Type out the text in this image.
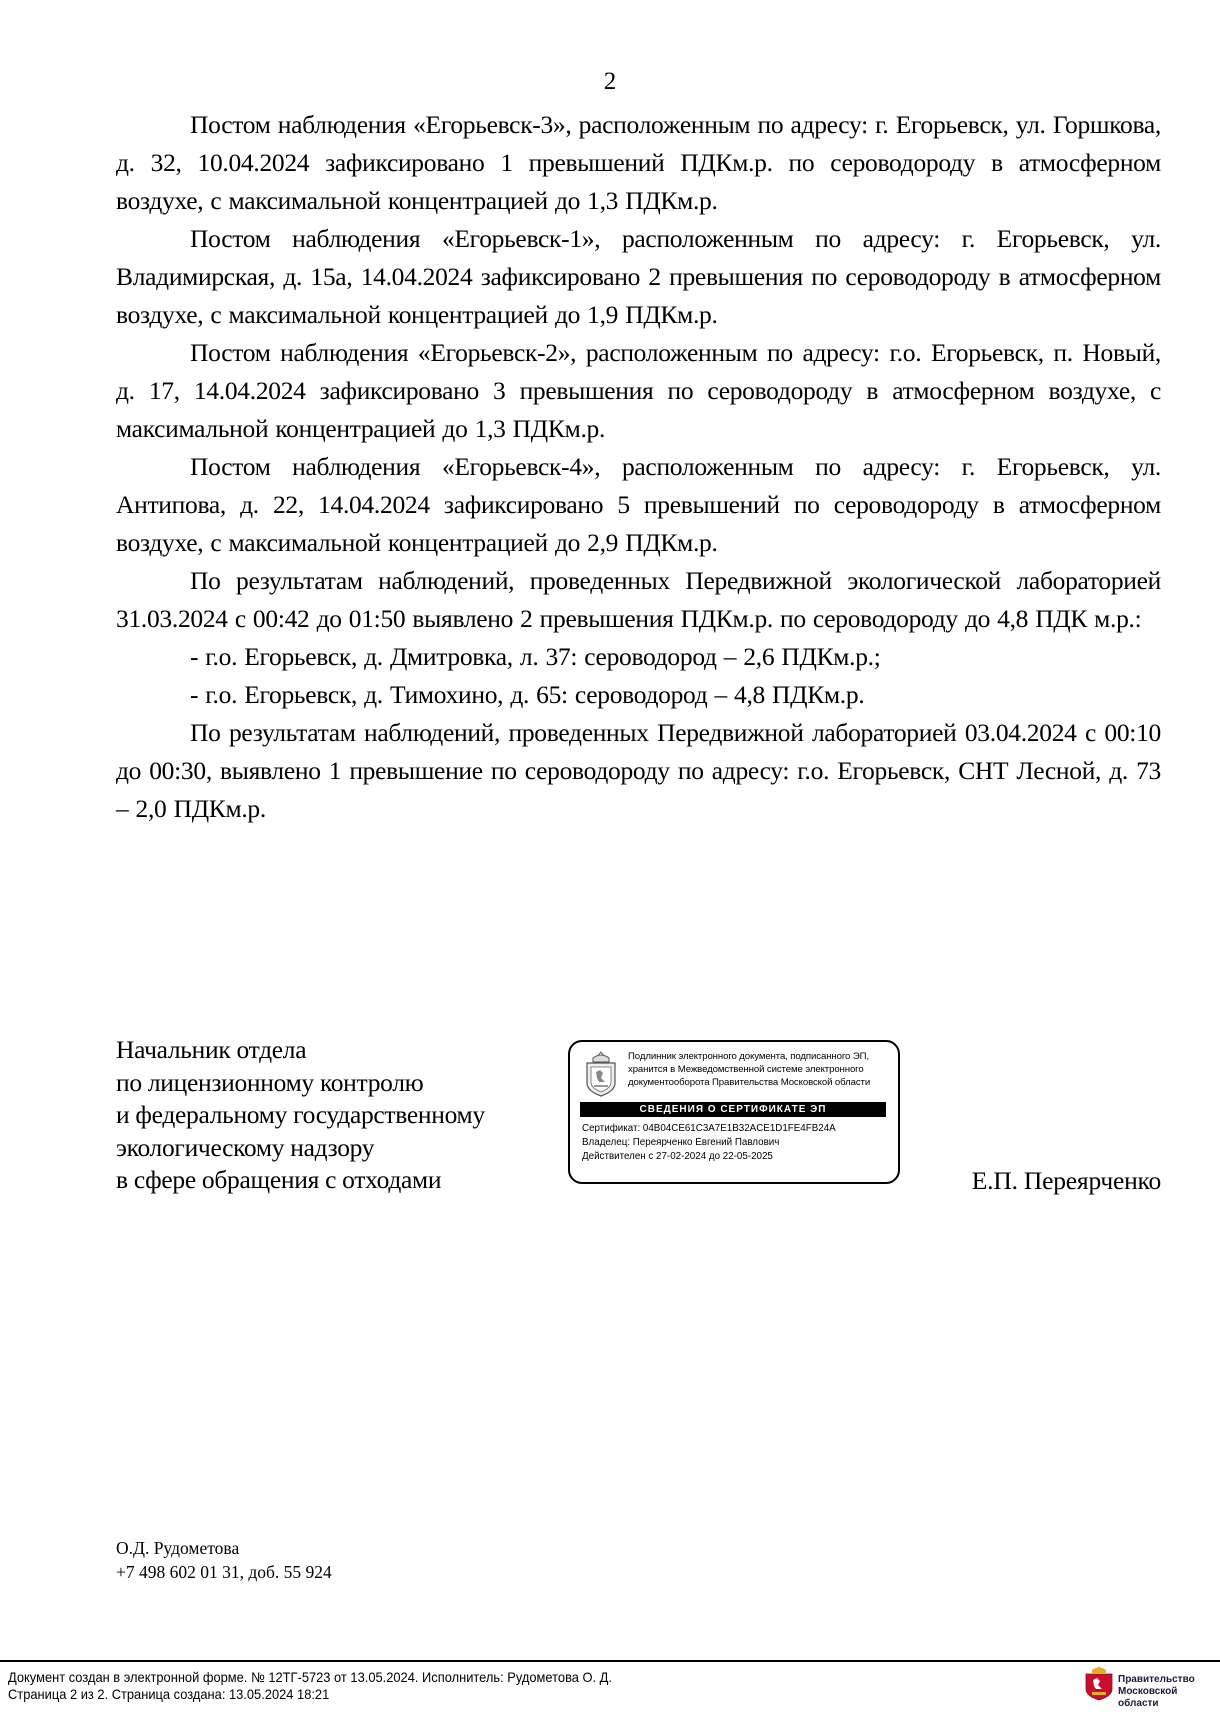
2

Постом наблюдения «Егорьевск-3», расположенным по адресу: г. Егорьевск, ул. Горшкова, д. 32, 10.04.2024 зафиксировано 1 превышений ПДКм.р. по сероводороду в атмосферном воздухе, с максимальной концентрацией до 1,3 ПДКм.р.

Постом наблюдения «Егорьевск-1», расположенным по адресу: г. Егорьевск, ул. Владимирская, д. 15а, 14.04.2024 зафиксировано 2 превышения по сероводороду в атмосферном воздухе, с максимальной концентрацией до 1,9 ПДКм.р.

Постом наблюдения «Егорьевск-2», расположенным по адресу: г.о. Егорьевск, п. Новый, д. 17, 14.04.2024 зафиксировано 3 превышения по сероводороду в атмосферном воздухе, с максимальной концентрацией до 1,3 ПДКм.р.

Постом наблюдения «Егорьевск-4», расположенным по адресу: г. Егорьевск, ул. Антипова, д. 22, 14.04.2024 зафиксировано 5 превышений по сероводороду в атмосферном воздухе, с максимальной концентрацией до 2,9 ПДКм.р.

По результатам наблюдений, проведенных Передвижной экологической лабораторией 31.03.2024 с 00:42 до 01:50 выявлено 2 превышения ПДКм.р. по сероводороду до 4,8 ПДК м.р.:

- г.о. Егорьевск, д. Дмитровка, л. 37: сероводород – 2,6 ПДКм.р.;

- г.о. Егорьевск, д. Тимохино, д. 65: сероводород – 4,8 ПДКм.р.

По результатам наблюдений, проведенных Передвижной лабораторией 03.04.2024 с 00:10 до 00:30, выявлено 1 превышение по сероводороду по адресу: г.о. Егорьевск, СНТ Лесной, д. 73 – 2,0 ПДКм.р.

Начальник отдела
по лицензионному контролю
и федеральному государственному
экологическому надзору
в сфере обращения с отходами
Подлинник электронного документа, подписанного ЭП,
хранится в Межведомственной системе электронного
документооборота Правительства Московской области
СВЕДЕНИЯ О СЕРТИФИКАТЕ ЭП
Сертификат: 04B04CE61C3A7E1B32ACE1D1FE4FB24A
Владелец: Переярченко Евгений Павлович
Действителен с 27-02-2024 до 22-05-2025
Е.П. Переярченко
О.Д. Рудометова
+7 498 602 01 31, доб. 55 924
Документ создан в электронной форме. № 12ТГ-5723 от 13.05.2024. Исполнитель: Рудометова О. Д.
Страница 2 из 2. Страница создана: 13.05.2024 18:21
Правительство
Московской области
